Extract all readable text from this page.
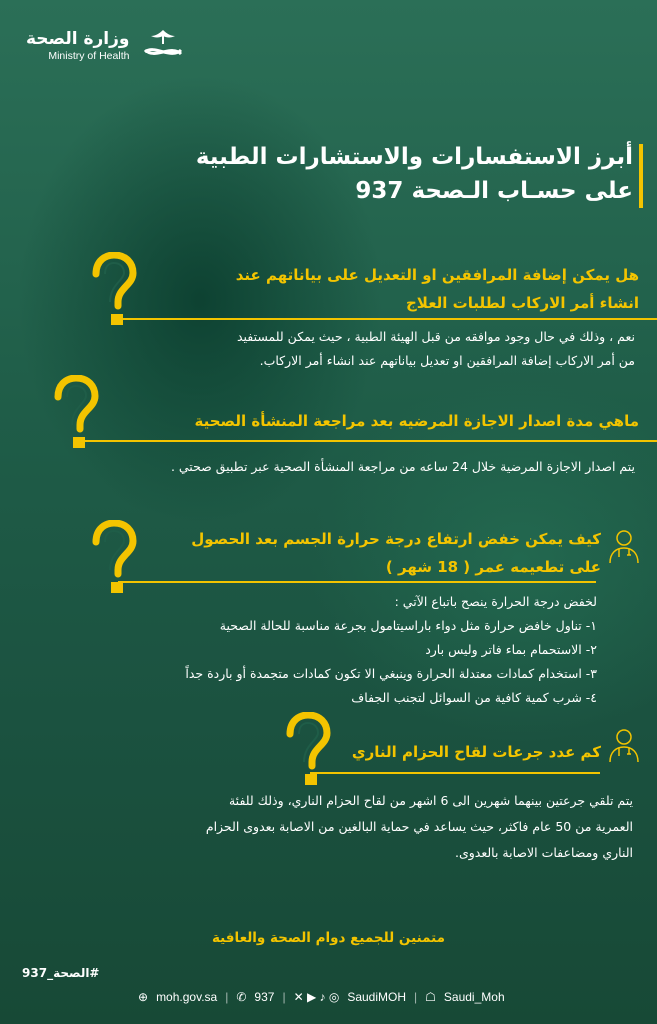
وزارة الصحة
Ministry of Health
أبرز الاستفسارات والاستشارات الطبية
على حسـاب الـصحة 937
هل يمكن إضافة المرافقين او التعديل على بياناتهم عند
انشاء أمر الاركاب لطلبات العلاج
نعم ، وذلك في حال وجود موافقه من قبل الهيئة الطبية ، حيث يمكن للمستفيد
من أمر الاركاب إضافة المرافقين او تعديل بياناتهم عند انشاء أمر الاركاب.
ماهي مدة اصدار الاجازة المرضيه بعد مراجعة المنشأة الصحية
يتم اصدار الاجازة المرضية خلال 24 ساعه من مراجعة المنشأة الصحية عبر تطبيق صحتي .
كيف يمكن خفض ارتفاع درجة حرارة الجسم بعد الحصول
على تطعيمه عمر ( 18 شهر )
لخفض درجة الحرارة ينصح باتباع الآتي :
١- تناول خافض حرارة مثل دواء باراسيتامول بجرعة مناسبة للحالة الصحية
٢- الاستحمام بماء فاتر وليس بارد
٣- استخدام كمادات معتدلة الحرارة وينبغي الا تكون كمادات متجمدة أو باردة جداً
٤- شرب كمية كافية من السوائل لتجنب الجفاف
كم عدد جرعات لقاح الحزام الناري
يتم تلقي جرعتين بينهما شهرين الى 6 اشهر من لقاح الحزام الناري، وذلك للفئة
العمرية من 50 عام فاكثر، حيث يساعد في حماية البالغين من الاصابة بعدوى الحزام
الناري ومضاعفات الاصابة بالعدوى.
متمنين للجميع دوام الصحة والعافية
#الصحة_937
⊕ moh.gov.sa | ✆ 937 | ✕ ▶ ♪ ◎ SaudiMOH | ☖ Saudi_Moh
